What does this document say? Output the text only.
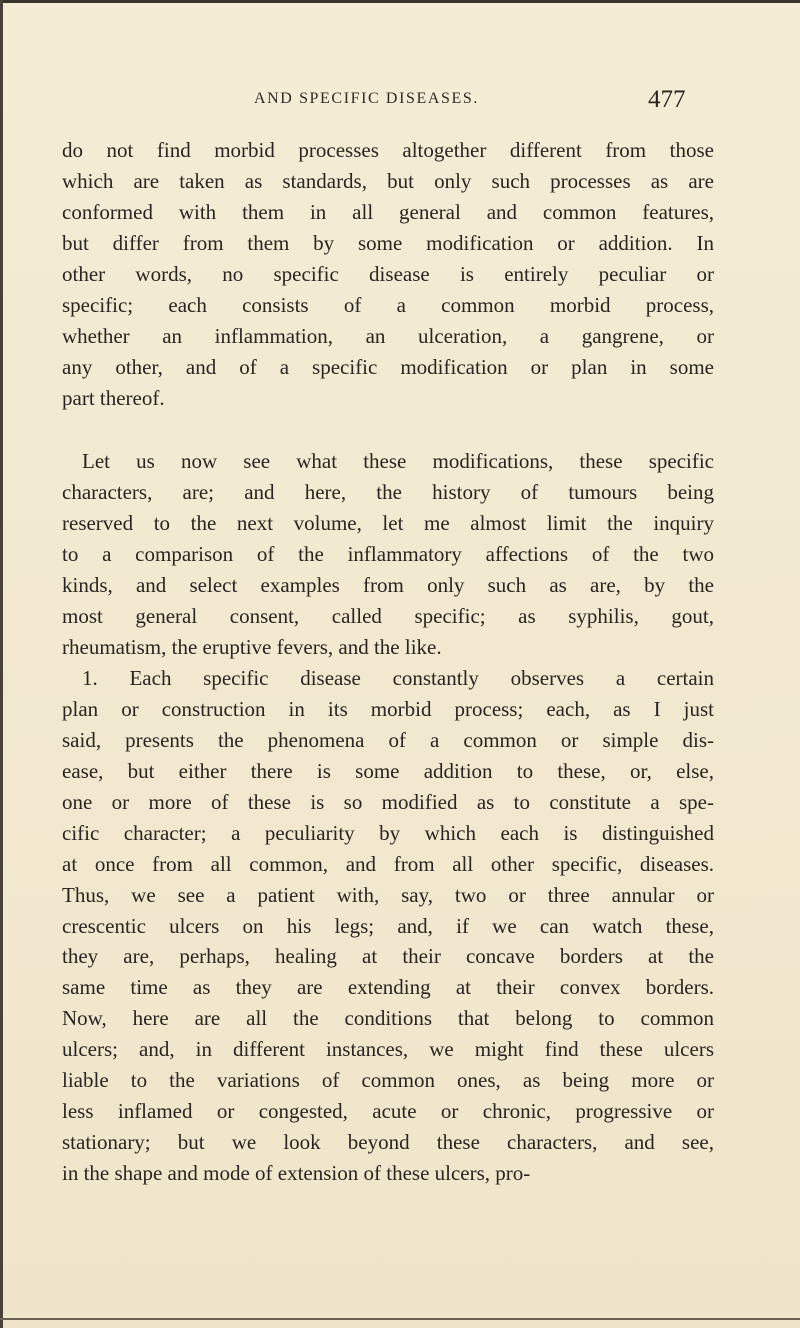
AND SPECIFIC DISEASES.	477
do not find morbid processes altogether different from those
which are taken as standards, but only such processes as are
conformed with them in all general and common features,
but differ from them by some modification or addition. In
other words, no specific disease is entirely peculiar or
specific; each consists of a common morbid process,
whether an inflammation, an ulceration, a gangrene, or
any other, and of a specific modification or plan in some
part thereof.
Let us now see what these modifications, these specific
characters, are; and here, the history of tumours being
reserved to the next volume, let me almost limit the inquiry
to a comparison of the inflammatory affections of the two
kinds, and select examples from only such as are, by the
most general consent, called specific; as syphilis, gout,
rheumatism, the eruptive fevers, and the like.
1. Each specific disease constantly observes a certain
plan or construction in its morbid process; each, as I just
said, presents the phenomena of a common or simple dis-
ease, but either there is some addition to these, or, else,
one or more of these is so modified as to constitute a spe-
cific character; a peculiarity by which each is distinguished
at once from all common, and from all other specific, diseases.
Thus, we see a patient with, say, two or three annular or
crescentic ulcers on his legs; and, if we can watch these,
they are, perhaps, healing at their concave borders at the
same time as they are extending at their convex borders.
Now, here are all the conditions that belong to common
ulcers; and, in different instances, we might find these ulcers
liable to the variations of common ones, as being more or
less inflamed or congested, acute or chronic, progressive or
stationary; but we look beyond these characters, and see,
in the shape and mode of extension of these ulcers, pro-
